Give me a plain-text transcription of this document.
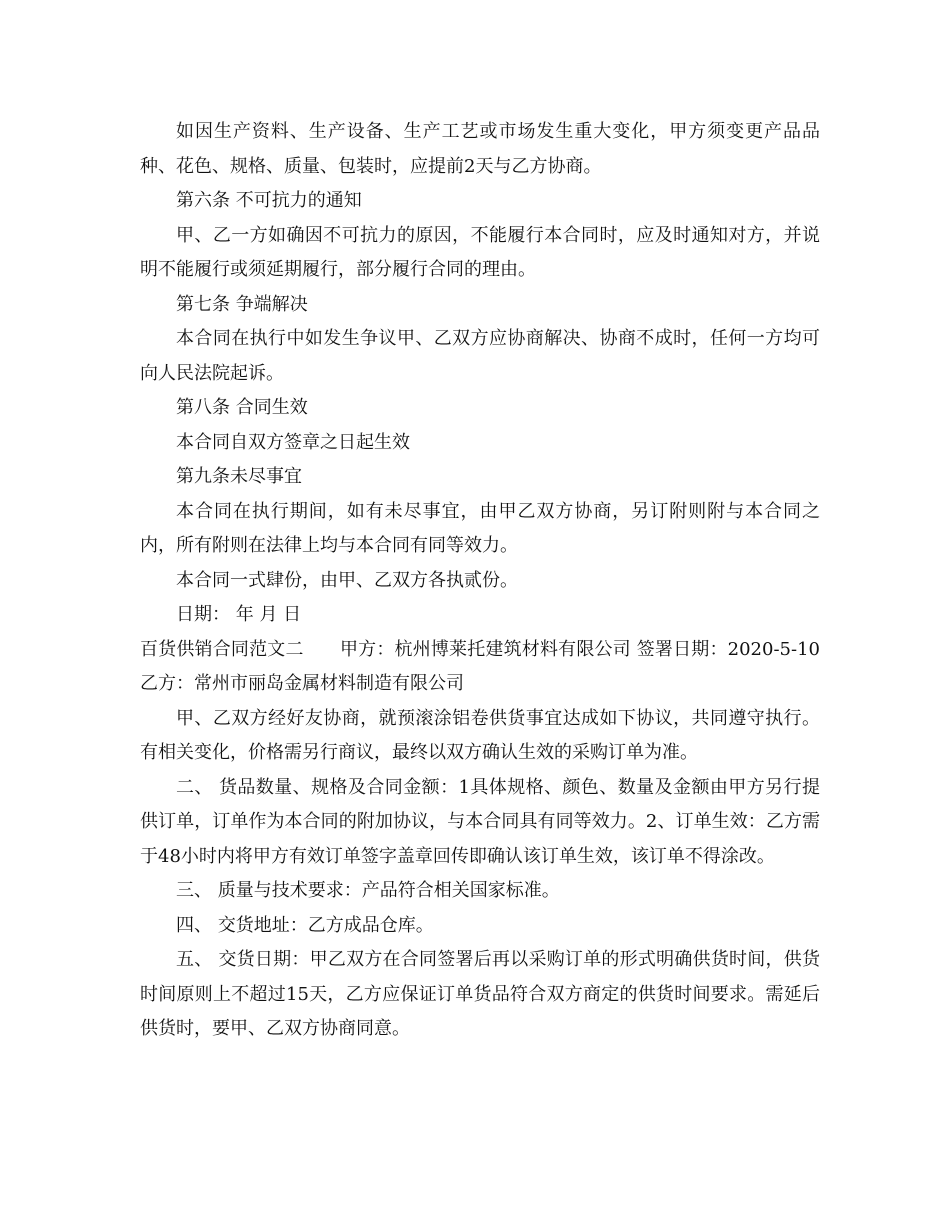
如因生产资料、生产设备、生产工艺或市场发生重大变化，甲方须变更产品品种、花色、规格、质量、包装时，应提前2天与乙方协商。

第六条 不可抗力的通知

甲、乙一方如确因不可抗力的原因，不能履行本合同时，应及时通知对方，并说明不能履行或须延期履行，部分履行合同的理由。

第七条 争端解决

本合同在执行中如发生争议甲、乙双方应协商解决、协商不成时，任何一方均可向人民法院起诉。

第八条 合同生效

本合同自双方签章之日起生效

第九条未尽事宜

本合同在执行期间，如有未尽事宜，由甲乙双方协商，另订附则附与本合同之内，所有附则在法律上均与本合同有同等效力。

本合同一式肆份，由甲、乙双方各执贰份。

日期： 年 月 日

百货供销合同范文二　　甲方：杭州博莱托建筑材料有限公司 签署日期：2020-5-10 乙方：常州市丽岛金属材料制造有限公司

甲、乙双方经好友协商，就预滚涂铝卷供货事宜达成如下协议，共同遵守执行。有相关变化，价格需另行商议，最终以双方确认生效的采购订单为准。

二、 货品数量、规格及合同金额：1具体规格、颜色、数量及金额由甲方另行提供订单，订单作为本合同的附加协议，与本合同具有同等效力。2、订单生效：乙方需于48小时内将甲方有效订单签字盖章回传即确认该订单生效，该订单不得涂改。

三、 质量与技术要求：产品符合相关国家标准。

四、 交货地址：乙方成品仓库。

五、 交货日期：甲乙双方在合同签署后再以采购订单的形式明确供货时间，供货时间原则上不超过15天，乙方应保证订单货品符合双方商定的供货时间要求。需延后供货时，要甲、乙双方协商同意。
